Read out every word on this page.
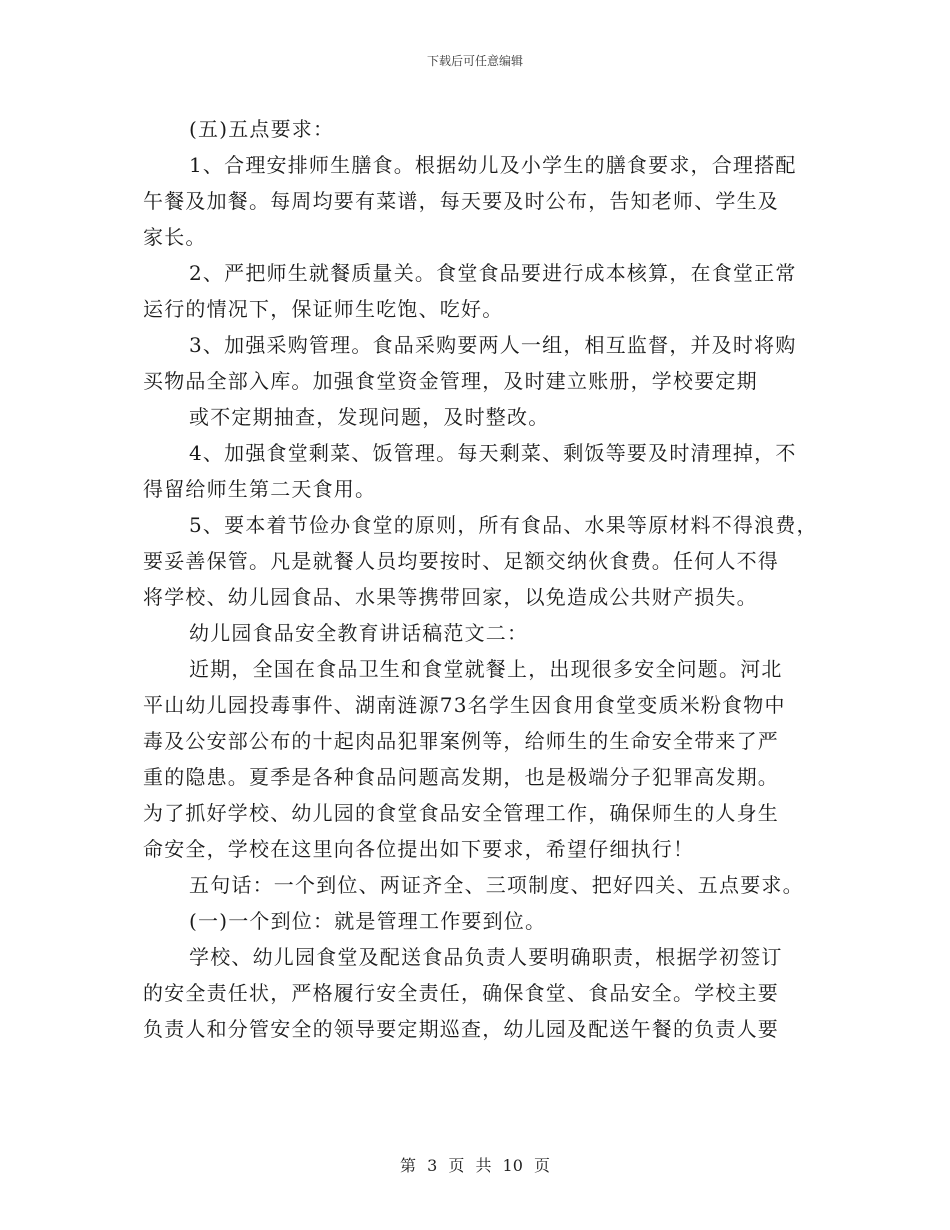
下载后可任意编辑
(五)五点要求：
1、合理安排师生膳食。根据幼儿及小学生的膳食要求，合理搭配
午餐及加餐。每周均要有菜谱，每天要及时公布，告知老师、学生及
家长。
2、严把师生就餐质量关。食堂食品要进行成本核算，在食堂正常
运行的情况下，保证师生吃饱、吃好。
3、加强采购管理。食品采购要两人一组，相互监督，并及时将购
买物品全部入库。加强食堂资金管理，及时建立账册，学校要定期
或不定期抽查，发现问题，及时整改。
4、加强食堂剩菜、饭管理。每天剩菜、剩饭等要及时清理掉，不
得留给师生第二天食用。
5、要本着节俭办食堂的原则，所有食品、水果等原材料不得浪费，
要妥善保管。凡是就餐人员均要按时、足额交纳伙食费。任何人不得
将学校、幼儿园食品、水果等携带回家，以免造成公共财产损失。
幼儿园食品安全教育讲话稿范文二：
近期，全国在食品卫生和食堂就餐上，出现很多安全问题。河北
平山幼儿园投毒事件、湖南涟源73名学生因食用食堂变质米粉食物中
毒及公安部公布的十起肉品犯罪案例等，给师生的生命安全带来了严
重的隐患。夏季是各种食品问题高发期，也是极端分子犯罪高发期。
为了抓好学校、幼儿园的食堂食品安全管理工作，确保师生的人身生
命安全，学校在这里向各位提出如下要求，希望仔细执行！
五句话：一个到位、两证齐全、三项制度、把好四关、五点要求。
(一)一个到位：就是管理工作要到位。
学校、幼儿园食堂及配送食品负责人要明确职责，根据学初签订
的安全责任状，严格履行安全责任，确保食堂、食品安全。学校主要
负责人和分管安全的领导要定期巡查，幼儿园及配送午餐的负责人要
第 3 页 共 10 页
